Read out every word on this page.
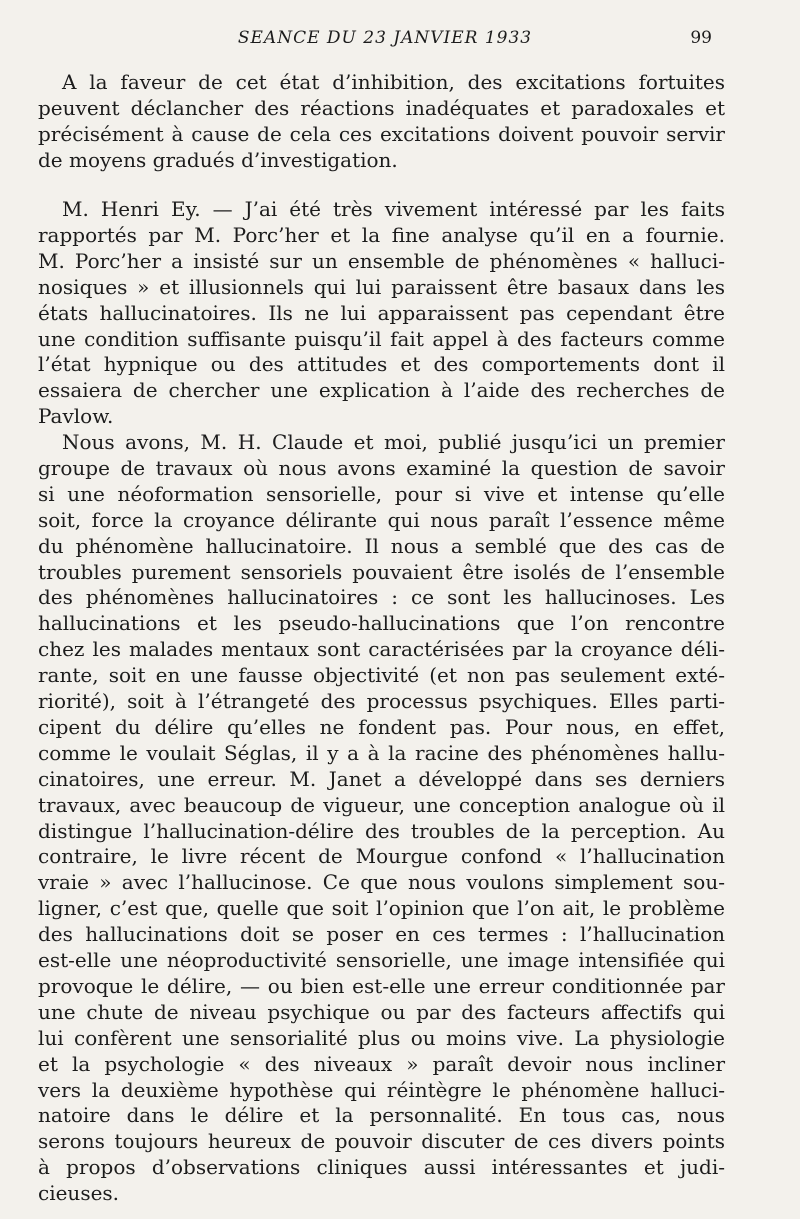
SEANCE DU 23 JANVIER 1933	99
A la faveur de cet état d’inhibition, des excitations fortuites
peuvent déclancher des réactions inadéquates et paradoxales et
précisément à cause de cela ces excitations doivent pouvoir servir
de moyens gradués d’investigation.
M. Henri Ey. — J’ai été très vivement intéressé par les faits
rapportés par M. Porc’her et la fine analyse qu’il en a fournie.
M. Porc’her a insisté sur un ensemble de phénomènes « halluci-
nosiques » et illusionnels qui lui paraissent être basaux dans les
états hallucinatoires. Ils ne lui apparaissent pas cependant être
une condition suffisante puisqu’il fait appel à des facteurs comme
l’état hypnique ou des attitudes et des comportements dont il
essaiera de chercher une explication à l’aide des recherches de
Pavlow.
Nous avons, M. H. Claude et moi, publié jusqu’ici un premier
groupe de travaux où nous avons examiné la question de savoir
si une néoformation sensorielle, pour si vive et intense qu’elle
soit, force la croyance délirante qui nous paraît l’essence même
du phénomène hallucinatoire. Il nous a semblé que des cas de
troubles purement sensoriels pouvaient être isolés de l’ensemble
des phénomènes hallucinatoires : ce sont les hallucinoses. Les
hallucinations et les pseudo-hallucinations que l’on rencontre
chez les malades mentaux sont caractérisées par la croyance déli-
rante, soit en une fausse objectivité (et non pas seulement exté-
riorité), soit à l’étrangeté des processus psychiques. Elles parti-
cipent du délire qu’elles ne fondent pas. Pour nous, en effet,
comme le voulait Séglas, il y a à la racine des phénomènes hallu-
cinatoires, une erreur. M. Janet a développé dans ses derniers
travaux, avec beaucoup de vigueur, une conception analogue où il
distingue l’hallucination-délire des troubles de la perception. Au
contraire, le livre récent de Mourgue confond « l’hallucination
vraie » avec l’hallucinose. Ce que nous voulons simplement sou-
ligner, c’est que, quelle que soit l’opinion que l’on ait, le problème
des hallucinations doit se poser en ces termes : l’hallucination
est-elle une néoproductivité sensorielle, une image intensifiée qui
provoque le délire, — ou bien est-elle une erreur conditionnée par
une chute de niveau psychique ou par des facteurs affectifs qui
lui confèrent une sensorialité plus ou moins vive. La physiologie
et la psychologie « des niveaux » paraît devoir nous incliner
vers la deuxième hypothèse qui réintègre le phénomène halluci-
natoire dans le délire et la personnalité. En tous cas, nous
serons toujours heureux de pouvoir discuter de ces divers points
à propos d’observations cliniques aussi intéressantes et judi-
cieuses.
